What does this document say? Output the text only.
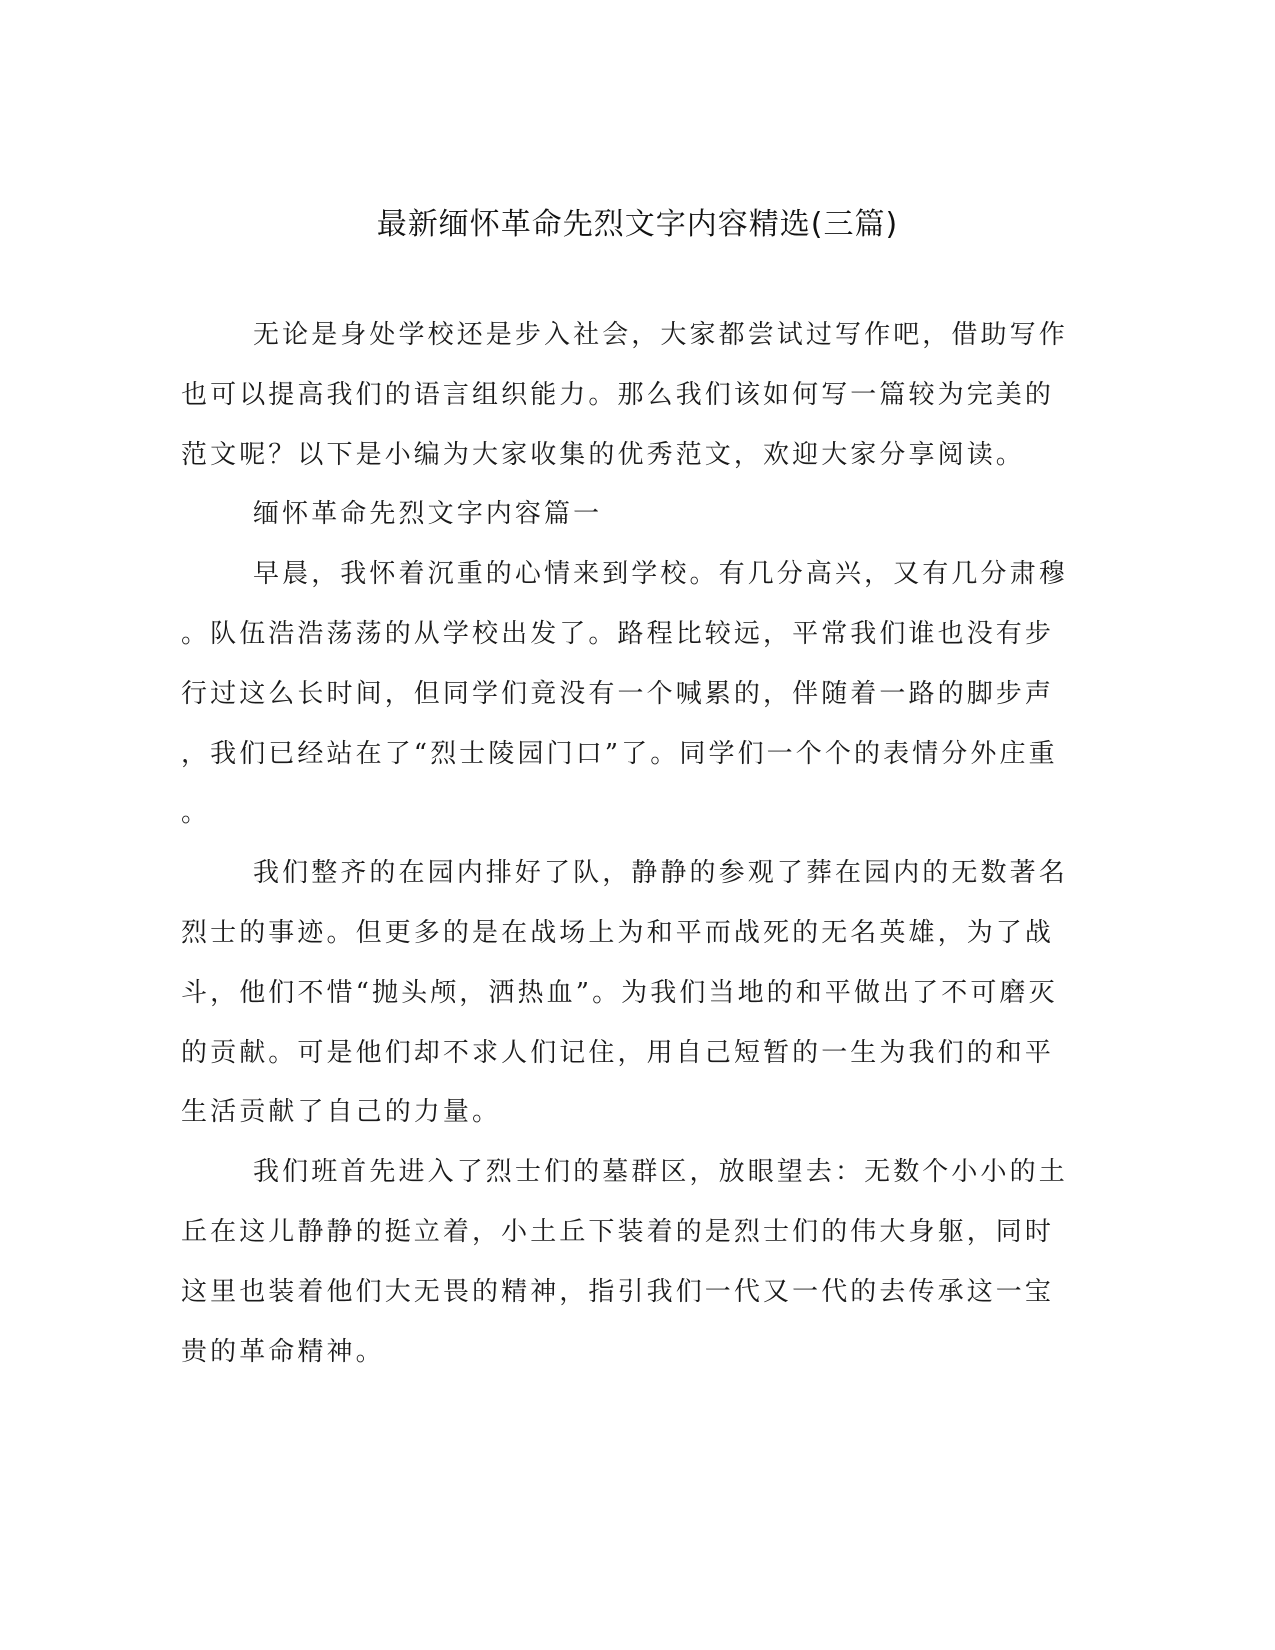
最新缅怀革命先烈文字内容精选(三篇)
无论是身处学校还是步入社会，大家都尝试过写作吧，借助写作
也可以提高我们的语言组织能力。那么我们该如何写一篇较为完美的
范文呢？以下是小编为大家收集的优秀范文，欢迎大家分享阅读。
缅怀革命先烈文字内容篇一
早晨，我怀着沉重的心情来到学校。有几分高兴，又有几分肃穆
。队伍浩浩荡荡的从学校出发了。路程比较远，平常我们谁也没有步
行过这么长时间，但同学们竟没有一个喊累的，伴随着一路的脚步声
，我们已经站在了“烈士陵园门口”了。同学们一个个的表情分外庄重
。
我们整齐的在园内排好了队，静静的参观了葬在园内的无数著名
烈士的事迹。但更多的是在战场上为和平而战死的无名英雄，为了战
斗，他们不惜“抛头颅，洒热血”。为我们当地的和平做出了不可磨灭
的贡献。可是他们却不求人们记住，用自己短暂的一生为我们的和平
生活贡献了自己的力量。
我们班首先进入了烈士们的墓群区，放眼望去：无数个小小的土
丘在这儿静静的挺立着，小土丘下装着的是烈士们的伟大身躯，同时
这里也装着他们大无畏的精神，指引我们一代又一代的去传承这一宝
贵的革命精神。
